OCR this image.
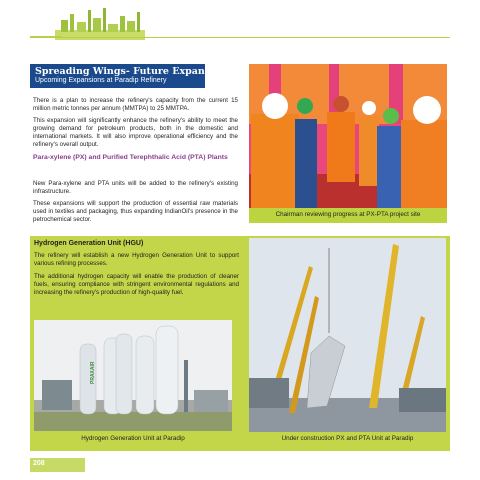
Spreading Wings- Future Expansion
Upcoming Expansions at Paradip Refinery

There is a plan to increase the refinery's capacity from the current 15 million metric tonnes per annum (MMTPA) to 25 MMTPA.

This expansion will significantly enhance the refinery's ability to meet the growing demand for petroleum products, both in the domestic and international markets. It will also improve operational efficiency and the refinery's overall output.

Para-xylene (PX) and Purified Terephthalic Acid (PTA) Plants

New Para-xylene and PTA units will be added to the refinery's existing infrastructure.

These expansions will support the production of essential raw materials used in textiles and packaging, thus expanding IndianOil's presence in the petrochemical sector.

Chairman reviewing progress at PX-PTA project site
Hydrogen Generation Unit (HGU)

The refinery will establish a new Hydrogen Generation Unit to support various refining processes.

The additional hydrogen capacity will enable the production of cleaner fuels, ensuring compliance with stringent environmental regulations and increasing the refinery's production of high-quality fuel.

PRAXAIR
Hydrogen Generation Unit at Paradip	Under construction PX and PTA Unit at Paradip
208
